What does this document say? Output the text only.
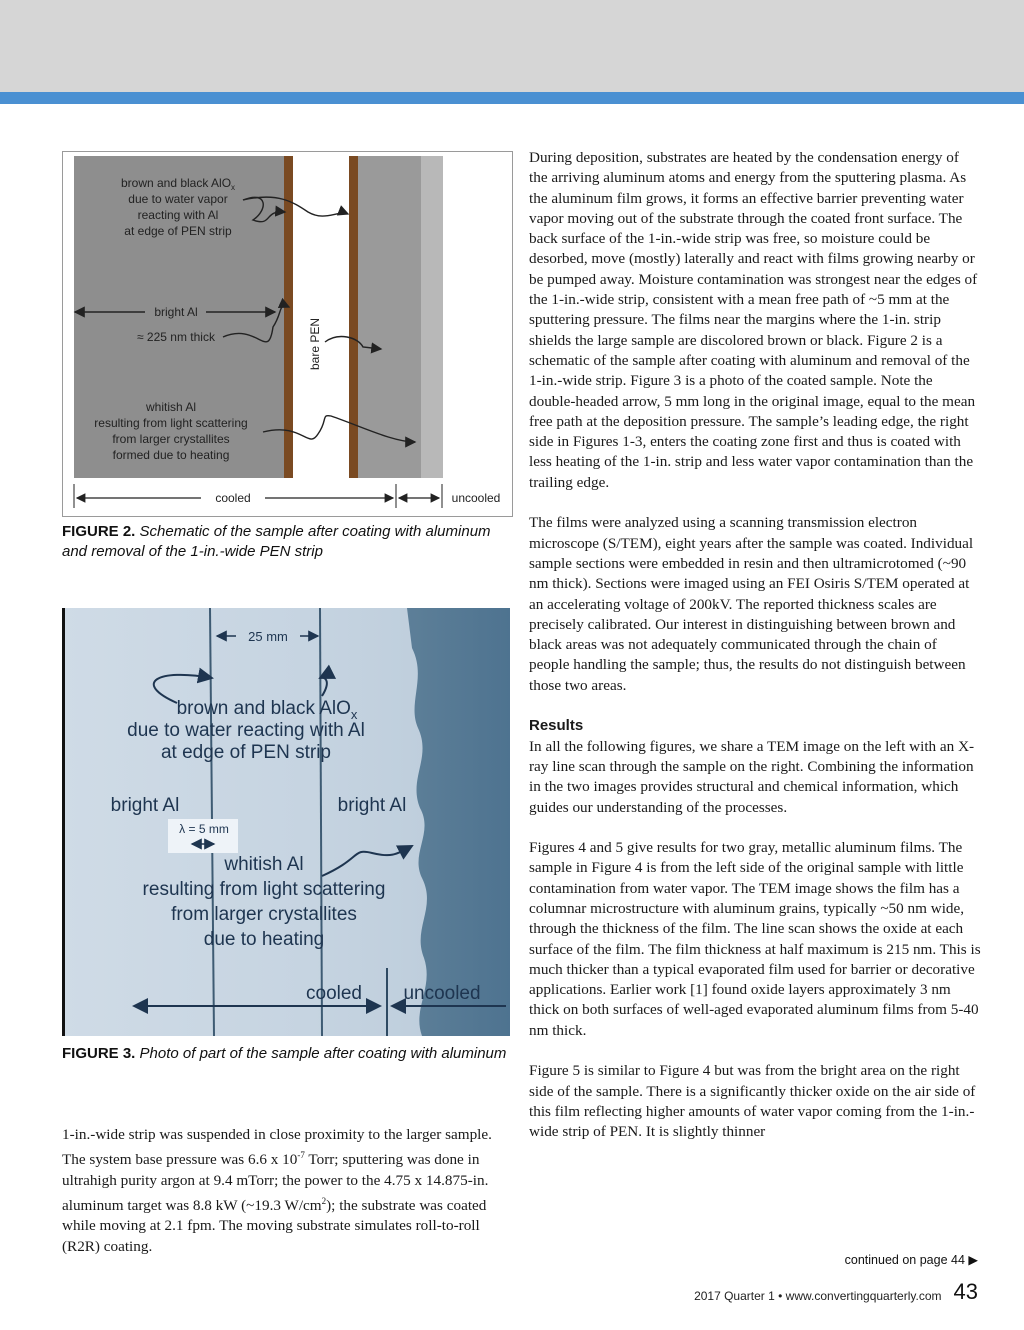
brown and black AlO$_x$
due to water vapor
reacting with Al
at edge of PEN strip
bright Al
≈ 225 nm thick	bare PEN
whitish Al
resulting from light scattering
from larger crystallites
formed due to heating
cooled	uncooled
FIGURE 2. Schematic of the sample after coating with aluminum and removal of the 1-in.-wide PEN strip
25 mm
brown and black AlO$_x$
due to water reacting with Al
at edge of PEN strip
bright Al	bright Al
λ = 5 mm
whitish Al
resulting from light scattering
from larger crystallites
due to heating
cooled uncooled
FIGURE 3. Photo of part of the sample after coating with aluminum

1-in.-wide strip was suspended in close proximity to the larger sample. The system base pressure was 6.6 x $10^{-7}$ Torr; sputtering was done in ultrahigh purity argon at 9.4 mTorr; the power to the 4.75 x 14.875-in. aluminum target was 8.8 kW (~19.3 $W/cm^2$); the substrate was coated while moving at 2.1 fpm. The moving substrate simulates roll-to-roll (R2R) coating.

During deposition, substrates are heated by the condensation energy of the arriving aluminum atoms and energy from the sputtering plasma. As the aluminum film grows, it forms an effective barrier preventing water vapor moving out of the substrate through the coated front surface. The back surface of the 1-in.-wide strip was free, so moisture could be desorbed, move (mostly) laterally and react with films growing nearby or be pumped away. Moisture contamination was strongest near the edges of the 1-in.-wide strip, consistent with a mean free path of ~5 mm at the sputtering pressure. The films near the margins where the 1-in. strip shields the large sample are discolored brown or black. Figure 2 is a schematic of the sample after coating with aluminum and removal of the 1-in.-wide strip. Figure 3 is a photo of the coated sample. Note the double-headed arrow, 5 mm long in the original image, equal to the mean free path at the deposition pressure. The sample’s leading edge, the right side in Figures 1-3, enters the coating zone first and thus is coated with less heating of the 1-in. strip and less water vapor contamination than the trailing edge.

The films were analyzed using a scanning transmission electron microscope (S/TEM), eight years after the sample was coated. Individual sample sections were embedded in resin and then ultramicrotomed (~90 nm thick). Sections were imaged using an FEI Osiris S/TEM operated at an accelerating voltage of 200kV. The reported thickness scales are precisely calibrated. Our interest in distinguishing between brown and black areas was not adequately communicated through the chain of people handling the sample; thus, the results do not distinguish between those two areas.

Results

In all the following figures, we share a TEM image on the left with an X-ray line scan through the sample on the right. Combining the information in the two images provides structural and chemical information, which guides our understanding of the processes.

Figures 4 and 5 give results for two gray, metallic aluminum films. The sample in Figure 4 is from the left side of the original sample with little contamination from water vapor. The TEM image shows the film has a columnar microstructure with aluminum grains, typically ~50 nm wide, through the thickness of the film. The line scan shows the oxide at each surface of the film. The film thickness at half maximum is 215 nm. This is much thicker than a typical evaporated film used for barrier or decorative applications. Earlier work [1] found oxide layers approximately 3 nm thick on both surfaces of well-aged evaporated aluminum films from 5-40 nm thick.

Figure 5 is similar to Figure 4 but was from the bright area on the right side of the sample. There is a significantly thicker oxide on the air side of this film reflecting higher amounts of water vapor coming from the 1-in.-wide strip of PEN. It is slightly thinner

continued on page 44 ▶
2017 Quarter 1 • www.convertingquarterly.com 43
